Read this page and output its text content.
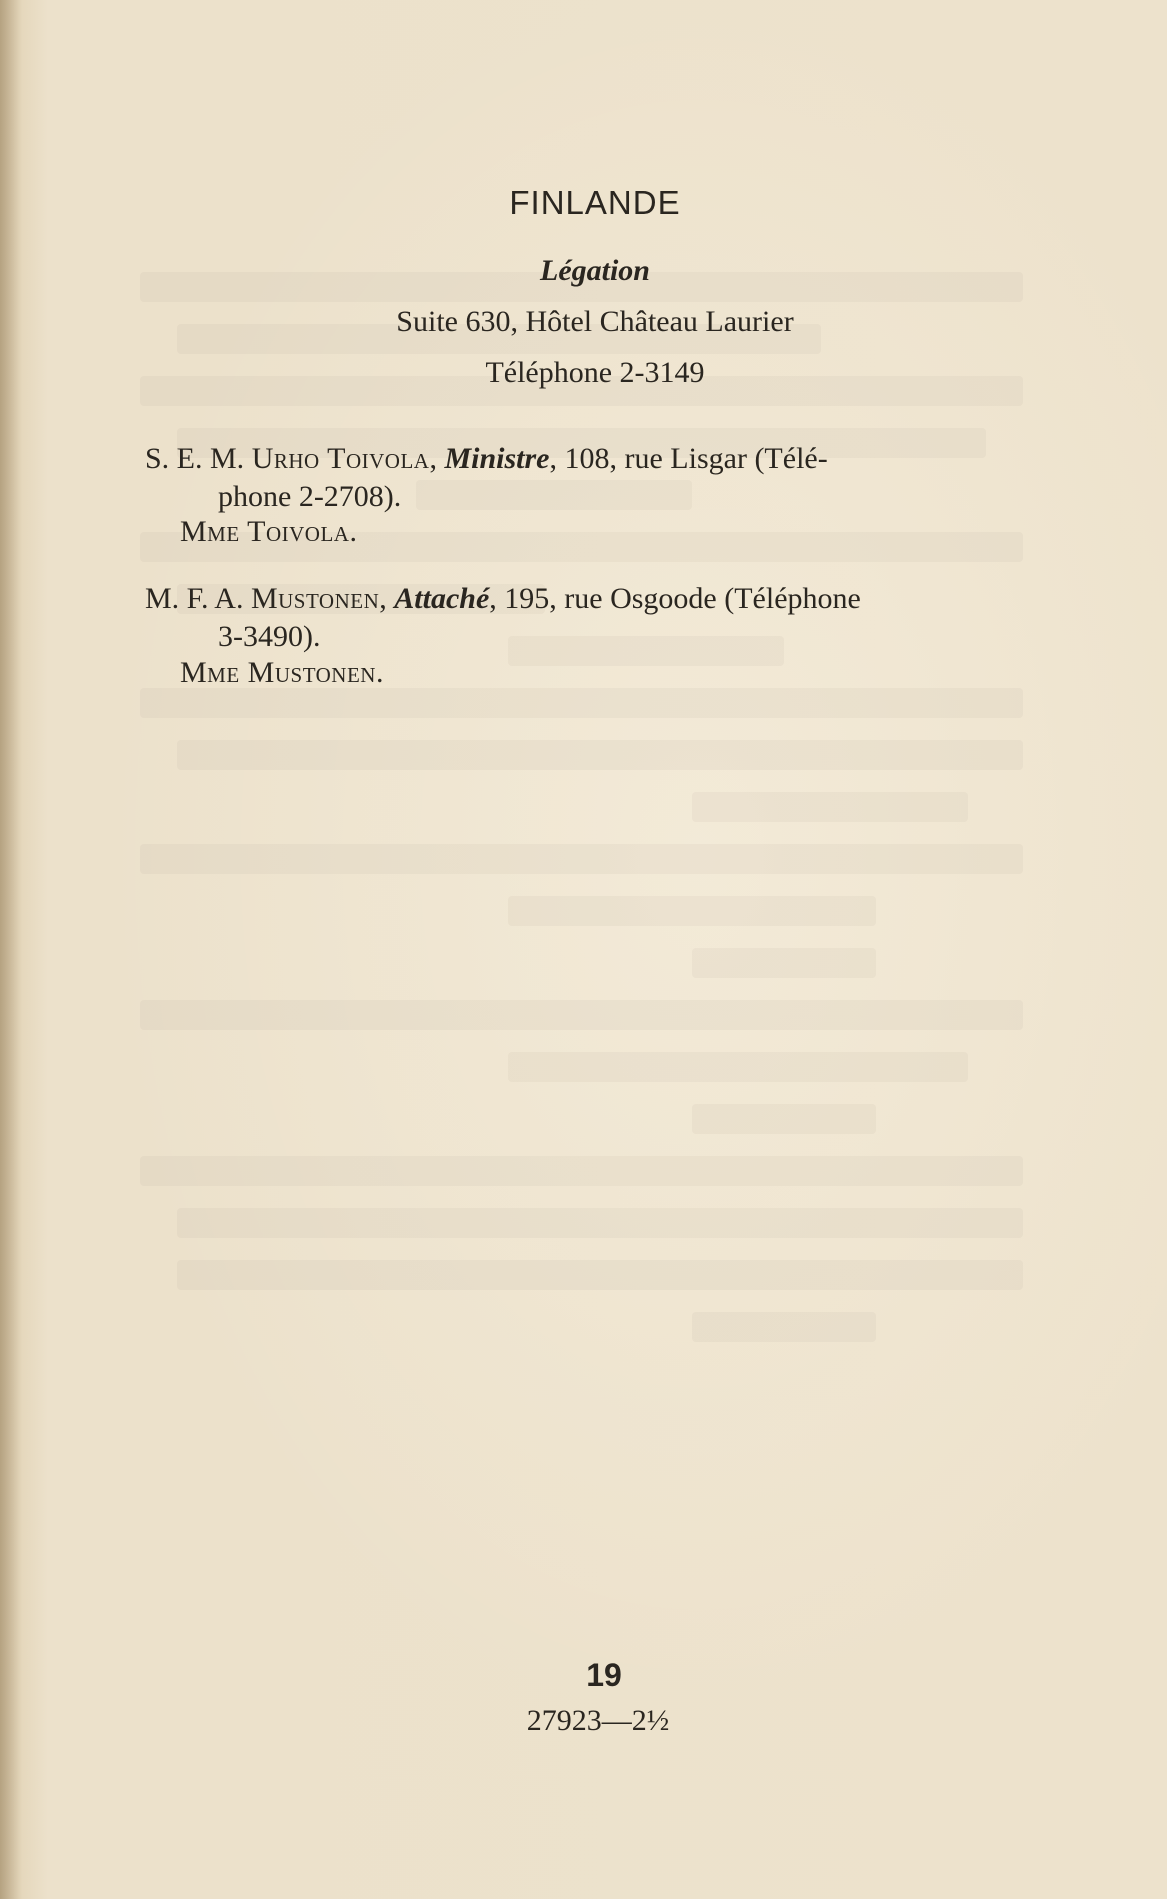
FINLANDE
Légation
Suite 630, Hôtel Château Laurier
Téléphone 2-3149
S. E. M. Urho Toivola, Ministre, 108, rue Lisgar (Télé-
phone 2-2708).
Mme Toivola.
M. F. A. Mustonen, Attaché, 195, rue Osgoode (Téléphone
3-3490).
Mme Mustonen.
19
27923—2½
